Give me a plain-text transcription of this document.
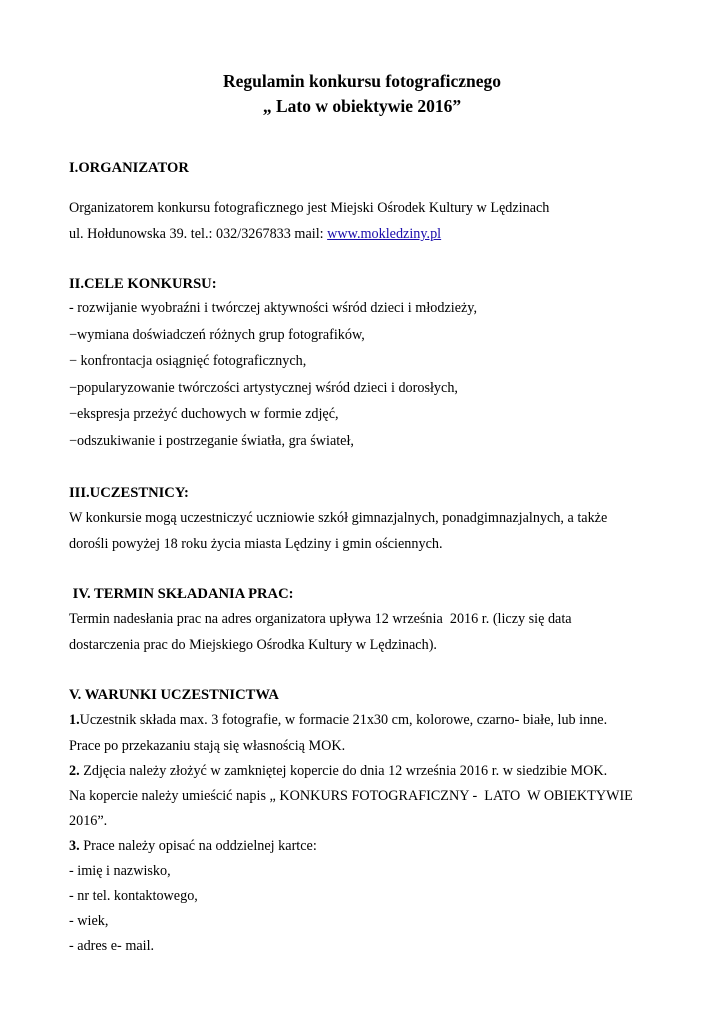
Regulamin konkursu fotograficznego
„ Lato w obiektywie 2016”
I.ORGANIZATOR
Organizatorem konkursu fotograficznego jest Miejski Ośrodek Kultury w Lędzinach
ul. Hołdunowska 39. tel.: 032/3267833 mail: www.mokledziny.pl
II.CELE KONKURSU:
- rozwijanie wyobraźni i twórczej aktywności wśród dzieci i młodzieży,
−wymiana doświadczeń różnych grup fotografików,
− konfrontacja osiągnięć fotograficznych,
−popularyzowanie twórczości artystycznej wśród dzieci i dorosłych,
−ekspresja przeżyć duchowych w formie zdjęć,
−odszukiwanie i postrzeganie światła, gra świateł,
III.UCZESTNICY:
W konkursie mogą uczestniczyć uczniowie szkół gimnazjalnych, ponadgimnazjalnych, a także
dorośli powyżej 18 roku życia miasta Lędziny i gmin ościennych.
IV. TERMIN SKŁADANIA PRAC:
Termin nadesłania prac na adres organizatora upływa 12 września  2016 r. (liczy się data
dostarczenia prac do Miejskiego Ośrodka Kultury w Lędzinach).
V. WARUNKI UCZESTNICTWA
1.Uczestnik składa max. 3 fotografie, w formacie 21x30 cm, kolorowe, czarno- białe, lub inne.
Prace po przekazaniu stają się własnością MOK.
2. Zdjęcia należy złożyć w zamkniętej kopercie do dnia 12 września 2016 r. w siedzibie MOK.
Na kopercie należy umieścić napis „ KONKURS FOTOGRAFICZNY -  LATO  W OBIEKTYWIE
2016”.
3. Prace należy opisać na oddzielnej kartce:
- imię i nazwisko,
- nr tel. kontaktowego,
- wiek,
- adres e- mail.
